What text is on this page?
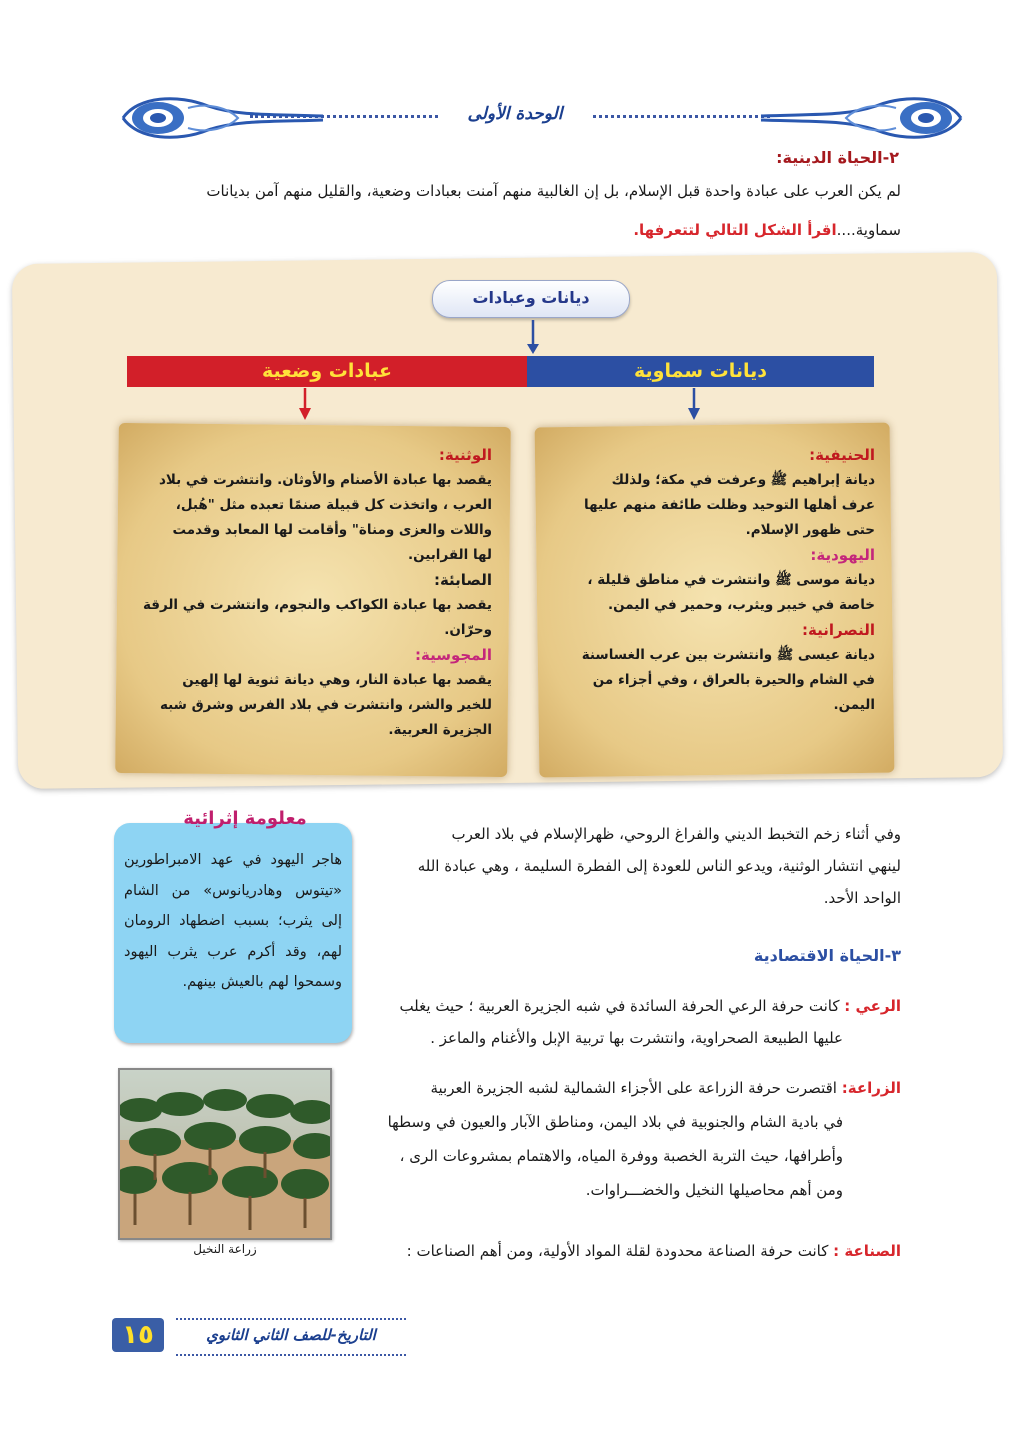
الوحدة الأولى
٢-الحياة الدينية:
لم يكن العرب على عبادة واحدة قبل الإسلام، بل إن الغالبية منهم آمنت بعبادات وضعية، والقليل منهم آمن بديانات
سماوية....اقرأ الشكل التالي لتتعرفها.
ديانات وعبادات
ديانات سماوية
عبادات وضعية
الحنيفية:
ديانة إبراهيم ﷺ وعرفت في مكة؛ ولذلك
عرف أهلها التوحيد وظلت طائفة منهم عليها
حتى ظهور الإسلام.
اليهودية:
ديانة موسى ﷺ وانتشرت في مناطق قليلة ،
خاصة في خيبر ويثرب، وحمير في اليمن.
النصرانية:
ديانة عيسى ﷺ وانتشرت بين عرب الغساسنة
في الشام والحيرة بالعراق ، وفي أجزاء من
اليمن.
الوثنية:
يقصد بها عبادة الأصنام والأوثان. وانتشرت في بلاد
العرب ، واتخذت كل قبيلة صنمًا تعبده مثل "هُبل،
واللات والعزى ومناة" وأقامت لها المعابد وقدمت
لها القرابين.
الصابئة:
يقصد بها عبادة الكواكب والنجوم، وانتشرت في الرقة
وحرّان.
المجوسية:
يقصد بها عبادة النار، وهي ديانة ثنوية لها إلهين
للخير والشر، وانتشرت في بلاد الفرس وشرق شبه
الجزيرة العربية.
وفي أثناء زخم التخبط الديني والفراغ الروحي، ظهرالإسلام في بلاد العرب
لينهي انتشار الوثنية، ويدعو الناس للعودة إلى الفطرة السليمة ، وهي عبادة الله
الواحد الأحد.
٣-الحياة الاقتصادية
الرعي : كانت حرفة الرعي الحرفة السائدة في شبه الجزيرة العربية ؛ حيث يغلب
عليها الطبيعة الصحراوية، وانتشرت بها تربية الإبل والأغنام والماعز .
الزراعة: اقتصرت حرفة الزراعة على الأجزاء الشمالية لشبه الجزيرة العربية
في بادية الشام والجنوبية في بلاد اليمن، ومناطق الآبار والعيون في وسطها
وأطرافها، حيث التربة الخصبة ووفرة المياه، والاهتمام بمشروعات الرى ،
ومن أهم محاصيلها النخيل والخضـــراوات.
الصناعة : كانت حرفة الصناعة محدودة لقلة المواد الأولية، ومن أهم الصناعات :
معلومة إثرائية
هاجر اليهود في عهد الامبراطورين «تيتوس وهادريانوس» من الشام إلى يثرب؛ بسبب اضطهاد الرومان لهم، وقد أكرم عرب يثرب اليهود وسمحوا لهم بالعيش بينهم.
زراعة النخيل
١٥	التاريخ-للصف الثاني الثانوي
